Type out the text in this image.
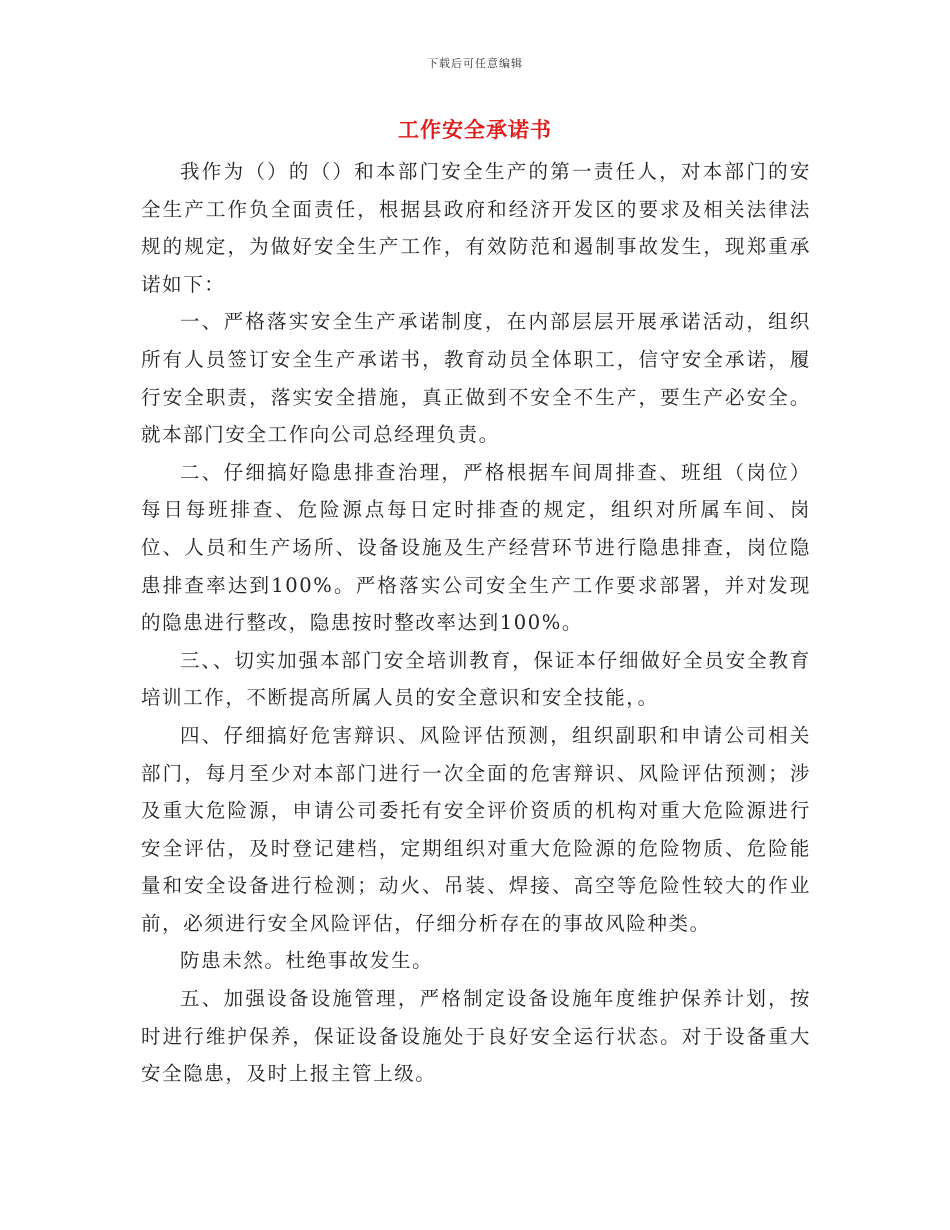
下载后可任意编辑
工作安全承诺书

我作为（）的（）和本部门安全生产的第一责任人，对本部门的安全生产工作负全面责任，根据县政府和经济开发区的要求及相关法律法规的规定，为做好安全生产工作，有效防范和遏制事故发生，现郑重承诺如下：

一、严格落实安全生产承诺制度，在内部层层开展承诺活动，组织所有人员签订安全生产承诺书，教育动员全体职工，信守安全承诺，履行安全职责，落实安全措施，真正做到不安全不生产，要生产必安全。就本部门安全工作向公司总经理负责。

二、仔细搞好隐患排查治理，严格根据车间周排查、班组（岗位）每日每班排查、危险源点每日定时排查的规定，组织对所属车间、岗位、人员和生产场所、设备设施及生产经营环节进行隐患排查，岗位隐患排查率达到100%。严格落实公司安全生产工作要求部署，并对发现的隐患进行整改，隐患按时整改率达到100%。

三、、切实加强本部门安全培训教育，保证本仔细做好全员安全教育培训工作，不断提高所属人员的安全意识和安全技能，。

四、仔细搞好危害辩识、风险评估预测，组织副职和申请公司相关部门，每月至少对本部门进行一次全面的危害辩识、风险评估预测；涉及重大危险源，申请公司委托有安全评价资质的机构对重大危险源进行安全评估，及时登记建档，定期组织对重大危险源的危险物质、危险能量和安全设备进行检测；动火、吊装、焊接、高空等危险性较大的作业前，必须进行安全风险评估，仔细分析存在的事故风险种类。

防患未然。杜绝事故发生。

五、加强设备设施管理，严格制定设备设施年度维护保养计划，按时进行维护保养，保证设备设施处于良好安全运行状态。对于设备重大安全隐患，及时上报主管上级。
